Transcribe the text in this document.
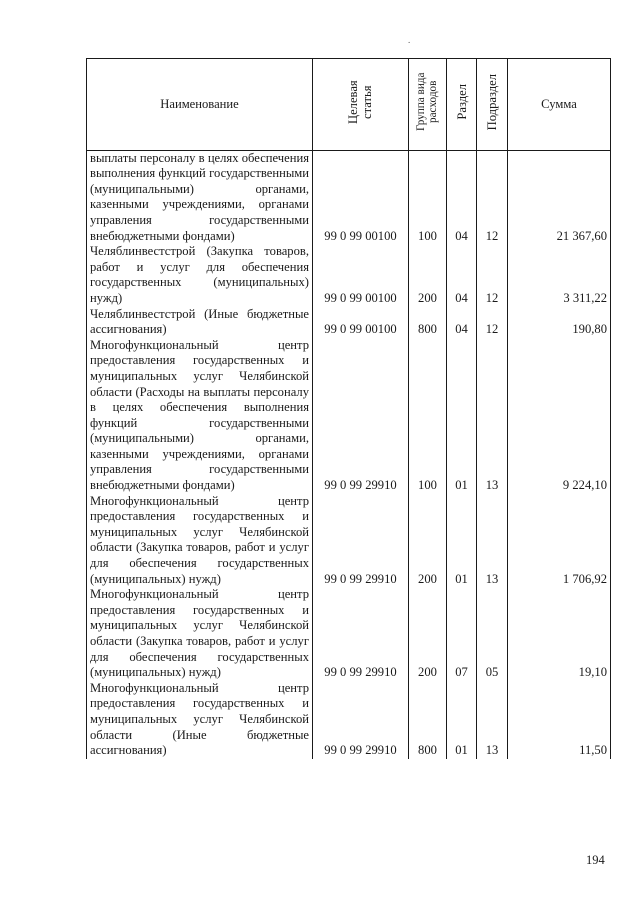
.
Наименование	Целевая статья	Группа вида расходов	Раздел	Подраздел	Сумма
выплаты персоналу в целях обеспечения выполнения функций государственными (муниципальными) органами, казенными учреждениями, органами управления государственными внебюджетными фондами)	99 0 99 00100	100	04	12	21 367,60
Челяблинвестстрой (Закупка товаров, работ и услуг для обеспечения государственных (муниципальных) нужд)	99 0 99 00100	200	04	12	3 311,22
Челяблинвестстрой (Иные бюджетные ассигнования)	99 0 99 00100	800	04	12	190,80
Многофункциональный центр предоставления государственных и муниципальных услуг Челябинской области (Расходы на выплаты персоналу в целях обеспечения выполнения функций государственными (муниципальными) органами, казенными учреждениями, органами управления государственными внебюджетными фондами)	99 0 99 29910	100	01	13	9 224,10
Многофункциональный центр предоставления государственных и муниципальных услуг Челябинской области (Закупка товаров, работ и услуг для обеспечения государственных (муниципальных) нужд)	99 0 99 29910	200	01	13	1 706,92
Многофункциональный центр предоставления государственных и муниципальных услуг Челябинской области (Закупка товаров, работ и услуг для обеспечения государственных (муниципальных) нужд)	99 0 99 29910	200	07	05	19,10
Многофункциональный центр предоставления государственных и муниципальных услуг Челябинской области (Иные бюджетные ассигнования)	99 0 99 29910	800	01	13	11,50
194
